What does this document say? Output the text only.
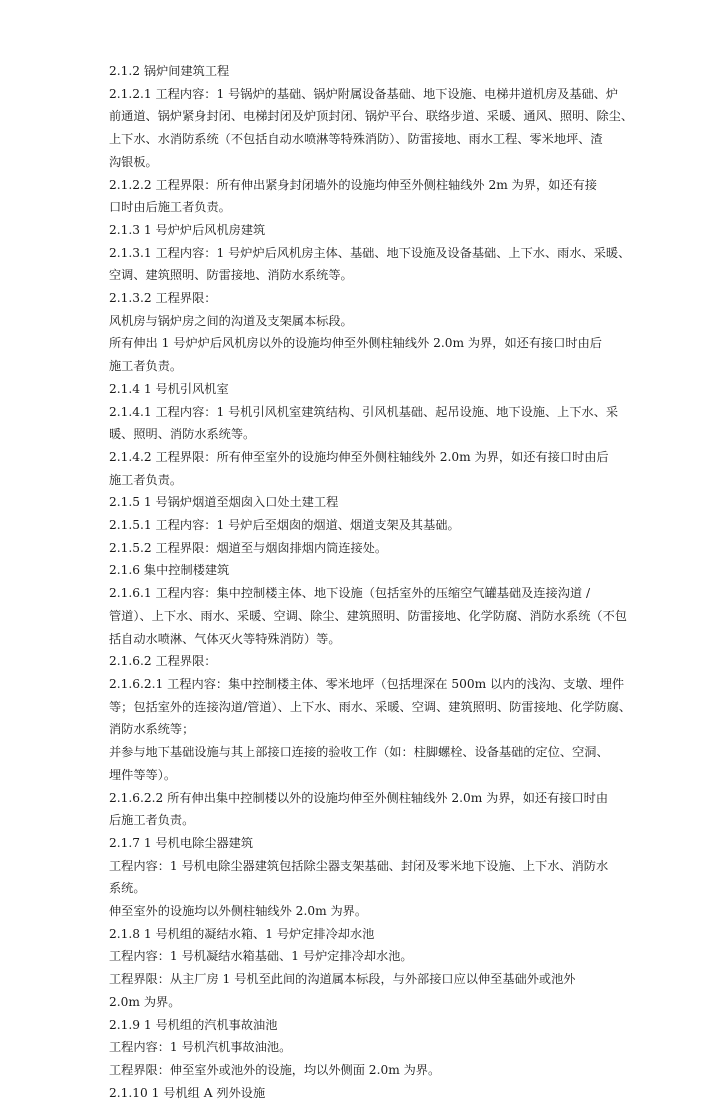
2.1.2 锅炉间建筑工程

2.1.2.1 工程内容：1 号锅炉的基础、锅炉附属设备基础、地下设施、电梯井道机房及基础、炉

前通道、锅炉紧身封闭、电梯封闭及炉顶封闭、锅炉平台、联络步道、采暖、通风、照明、除尘、

上下水、水消防系统（不包括自动水喷淋等特殊消防）、防雷接地、雨水工程、零米地坪、渣

沟银板。

2.1.2.2 工程界限：所有伸出紧身封闭墙外的设施均伸至外侧柱轴线外 2m 为界，如还有接

口时由后施工者负责。

2.1.3 1 号炉炉后风机房建筑

2.1.3.1 工程内容：1 号炉炉后风机房主体、基础、地下设施及设备基础、上下水、雨水、采暖、

空调、建筑照明、防雷接地、消防水系统等。

2.1.3.2 工程界限：

风机房与锅炉房之间的沟道及支架属本标段。

所有伸出 1 号炉炉后风机房以外的设施均伸至外侧柱轴线外 2.0m 为界，如还有接口时由后

施工者负责。

2.1.4 1 号机引风机室

2.1.4.1 工程内容：1 号机引风机室建筑结构、引风机基础、起吊设施、地下设施、上下水、采

暖、照明、消防水系统等。

2.1.4.2 工程界限：所有伸至室外的设施均伸至外侧柱轴线外 2.0m 为界，如还有接口时由后

施工者负责。

2.1.5 1 号锅炉烟道至烟囱入口处土建工程

2.1.5.1 工程内容：1 号炉后至烟囱的烟道、烟道支架及其基础。

2.1.5.2 工程界限：烟道至与烟囱排烟内筒连接处。

2.1.6 集中控制楼建筑

2.1.6.1 工程内容：集中控制楼主体、地下设施（包括室外的压缩空气罐基础及连接沟道 /

管道）、上下水、雨水、采暖、空调、除尘、建筑照明、防雷接地、化学防腐、消防水系统（不包

括自动水喷淋、气体灭火等特殊消防）等。

2.1.6.2 工程界限：

2.1.6.2.1 工程内容：集中控制楼主体、零米地坪（包括埋深在 500m 以内的浅沟、支墩、埋件

等；包括室外的连接沟道/管道）、上下水、雨水、采暖、空调、建筑照明、防雷接地、化学防腐、

消防水系统等；

并参与地下基础设施与其上部接口连接的验收工作（如：柱脚螺栓、设备基础的定位、空洞、

埋件等等）。

2.1.6.2.2 所有伸出集中控制楼以外的设施均伸至外侧柱轴线外 2.0m 为界，如还有接口时由

后施工者负责。

2.1.7 1 号机电除尘器建筑

工程内容：1 号机电除尘器建筑包括除尘器支架基础、封闭及零米地下设施、上下水、消防水

系统。

伸至室外的设施均以外侧柱轴线外 2.0m 为界。

2.1.8 1 号机组的凝结水箱、1 号炉定排冷却水池

工程内容：1 号机凝结水箱基础、1 号炉定排冷却水池。

工程界限：从主厂房 1 号机至此间的沟道属本标段，与外部接口应以伸至基础外或池外

2.0m 为界。

2.1.9 1 号机组的汽机事故油池

工程内容：1 号机汽机事故油池。

工程界限：伸至室外或池外的设施，均以外侧面 2.0m 为界。

2.1.10 1 号机组 A 列外设施
